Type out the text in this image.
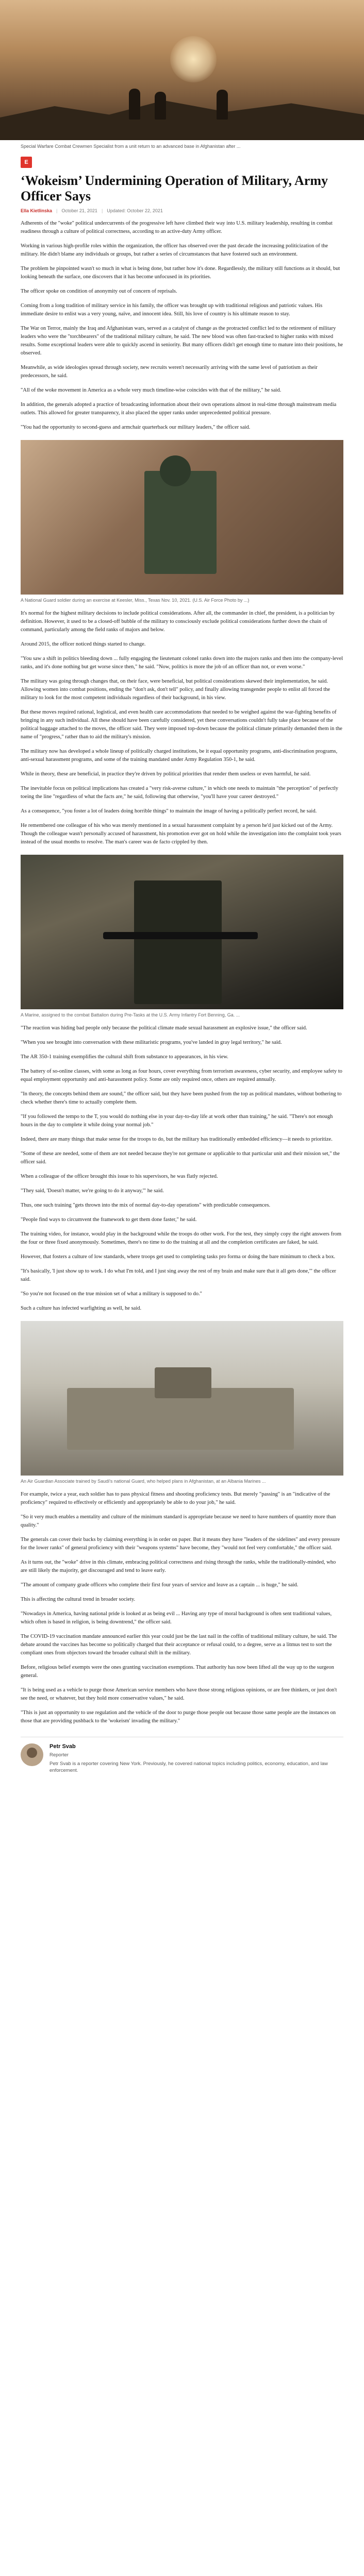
Special Warfare Combat Crewmen Specialist from a unit return to an advanced base in Afghanistan after ...
E
‘Wokeism’ Undermining Operation of Military, Army Officer Says
Ella Kietlinska | October 21, 2021 | Updated: October 22, 2021

Adherents of the "woke" political undercurrents of the progressive left have climbed their way into U.S. military leadership, resulting in combat readiness through a culture of political correctness, according to an active-duty Army officer.

Working in various high-profile roles within the organization, the officer has observed over the past decade the increasing politicization of the military. He didn't blame any individuals or groups, but rather a series of circumstances that have fostered such an environment.

The problem he pinpointed wasn't so much in what is being done, but rather how it's done. Regardlessly, the military still functions as it should, but looking beneath the surface, one discovers that it has become unfocused in its priorities.

The officer spoke on condition of anonymity out of concern of reprisals.

Coming from a long tradition of military service in his family, the officer was brought up with traditional religious and patriotic values. His immediate desire to enlist was a very young, naïve, and innocent idea. Still, his love of country is his ultimate reason to stay.

The War on Terror, mainly the Iraq and Afghanistan wars, served as a catalyst of change as the protracted conflict led to the retirement of military leaders who were the "torchbearers" of the traditional military culture, he said. The new blood was often fast-tracked to higher ranks with mixed results. Some exceptional leaders were able to quickly ascend in seniority. But many officers didn't get enough time to mature into their positions, he observed.

Meanwhile, as wide ideologies spread through society, new recruits weren't necessarily arriving with the same level of patriotism as their predecessors, he said.

"All of the woke movement in America as a whole very much timeline-wise coincides with that of the military," he said.

In addition, the generals adopted a practice of broadcasting information about their own operations almost in real-time through mainstream media outlets. This allowed for greater transparency, it also placed the upper ranks under unprecedented political pressure.

"You had the opportunity to second-guess and armchair quarterback our military leaders," the officer said.

A National Guard soldier during an exercise at Keesler, Miss., Texas Nov. 10, 2021. (U.S. Air Force Photo by ...)

It's normal for the highest military decisions to include political considerations. After all, the commander in chief, the president, is a politician by definition. However, it used to be a closed-off bubble of the military to consciously exclude political considerations further down the chain of command, particularly among the field ranks of majors and below.

Around 2015, the officer noticed things started to change.

"You saw a shift in politics bleeding down ... fully engaging the lieutenant colonel ranks down into the majors ranks and then into the company-level ranks, and it's done nothing but get worse since then," he said. "Now, politics is more the job of an officer than not, or even worse."

The military was going through changes that, on their face, were beneficial, but political considerations skewed their implementation, he said. Allowing women into combat positions, ending the "don't ask, don't tell" policy, and finally allowing transgender people to enlist all forced the military to look for the most competent individuals regardless of their background, in his view.

But these moves required rational, logistical, and even health care accommodations that needed to be weighed against the war-fighting benefits of bringing in any such individual. All these should have been carefully considered, yet these conversations couldn't fully take place because of the political baggage attached to the moves, the officer said. They were imposed top-down because the political climate primarily demanded them in the name of "progress," rather than to aid the military's mission.

The military now has developed a whole lineup of politically charged institutions, be it equal opportunity programs, anti-discrimination programs, anti-sexual harassment programs, and some of the training mandated under Army Regulation 350-1, he said.

While in theory, these are beneficial, in practice they're driven by political priorities that render them useless or even harmful, he said.

The inevitable focus on political implications has created a "very risk-averse culture," in which one needs to maintain "the perception" of perfectly toeing the line "regardless of what the facts are," he said, following that otherwise, "you'll have your career destroyed."

As a consequence, "you foster a lot of leaders doing horrible things" to maintain the image of having a politically perfect record, he said.

He remembered one colleague of his who was merely mentioned in a sexual harassment complaint by a person he'd just kicked out of the Army. Though the colleague wasn't personally accused of harassment, his promotion ever got on hold while the investigation into the complaint took years instead of the usual months to resolve. The man's career was de facto crippled by then.

A Marine, assigned to the combat Battalion during Pre-Tasks at the U.S. Army Infantry Fort Benning, Ga. ...

"The reaction was hiding bad people only because the political climate made sexual harassment an explosive issue," the officer said.

"When you see brought into conversation with these militaristic programs, you've landed in gray legal territory," he said.

The AR 350-1 training exemplifies the cultural shift from substance to appearances, in his view.

The battery of so-online classes, with some as long as four hours, cover everything from terrorism awareness, cyber security, and employee safety to equal employment opportunity and anti-harassment policy. Some are only required once, others are required annually.

"In theory, the concepts behind them are sound," the officer said, but they have been pushed from the top as political mandates, without bothering to check whether there's time to actually complete them.

"If you followed the tempo to the T, you would do nothing else in your day-to-day life at work other than training," he said. "There's not enough hours in the day to complete it while doing your normal job."

Indeed, there are many things that make sense for the troops to do, but the military has traditionally embedded efficiency—it needs to prioritize.

"Some of these are needed, some of them are not needed because they're not germane or applicable to that particular unit and their mission set," the officer said.

When a colleague of the officer brought this issue to his supervisors, he was flatly rejected.

"They said, 'Doesn't matter, we're going to do it anyway,'" he said.

Thus, one such training "gets thrown into the mix of normal day-to-day operations" with predictable consequences.

"People find ways to circumvent the framework to get them done faster," he said.

The training video, for instance, would play in the background while the troops do other work. For the test, they simply copy the right answers from the four or three fixed anonymously. Sometimes, there's no time to do the training at all and the completion certificates are faked, he said.

However, that fosters a culture of low standards, where troops get used to completing tasks pro forma or doing the bare minimum to check a box.

"It's basically, 'I just show up to work. I do what I'm told, and I just sing away the rest of my brain and make sure that it all gets done,'" the officer said.

"So you're not focused on the true mission set of what a military is supposed to do."

Such a culture has infected warfighting as well, he said.

An Air Guardian Associate trained by Saudi's national Guard, who helped plans in Afghanistan, at an Albania Marines ...

For example, twice a year, each soldier has to pass physical fitness and shooting proficiency tests. But merely "passing" is an "indicative of the proficiency" required to effectively or efficiently and appropriately be able to do your job," he said.

"So it very much enables a mentality and culture of the minimum standard is appropriate because we need to have numbers of quantity more than quality."

The generals can cover their backs by claiming everything is in order on paper. But it means they have "leaders of the sidelines" and every pressure for the lower ranks" of general proficiency with their "weapons systems" have become, they "would not feel very comfortable," the officer said.

As it turns out, the "woke" drive in this climate, embracing political correctness and rising through the ranks, while the traditionally-minded, who are still likely the majority, get discouraged and tend to leave early.

"The amount of company grade officers who complete their first four years of service and leave as a captain ... is huge," he said.

This is affecting the cultural trend in broader society.

"Nowadays in America, having national pride is looked at as being evil ... Having any type of moral background is often sent traditional values, which often is based in religion, is being downtrend," the officer said.

The COVID-19 vaccination mandate announced earlier this year could just be the last nail in the coffin of traditional military culture, he said. The debate around the vaccines has become so politically charged that their acceptance or refusal could, to a degree, serve as a litmus test to sort the compliant ones from objectors toward the broader cultural shift in the military.

Before, religious belief exempts were the ones granting vaccination exemptions. That authority has now been lifted all the way up to the surgeon general.

"It is being used as a vehicle to purge those American service members who have those strong religious opinions, or are free thinkers, or just don't see the need, or whatever, but they hold more conservative values," he said.

"This is just an opportunity to use regulation and the vehicle of the door to purge those people out because those same people are the instances on those that are providing pushback to the 'wokeism' invading the military."

Petr Svab
Reporter
Petr Svab is a reporter covering New York. Previously, he covered national topics including politics, economy, education, and law enforcement.
